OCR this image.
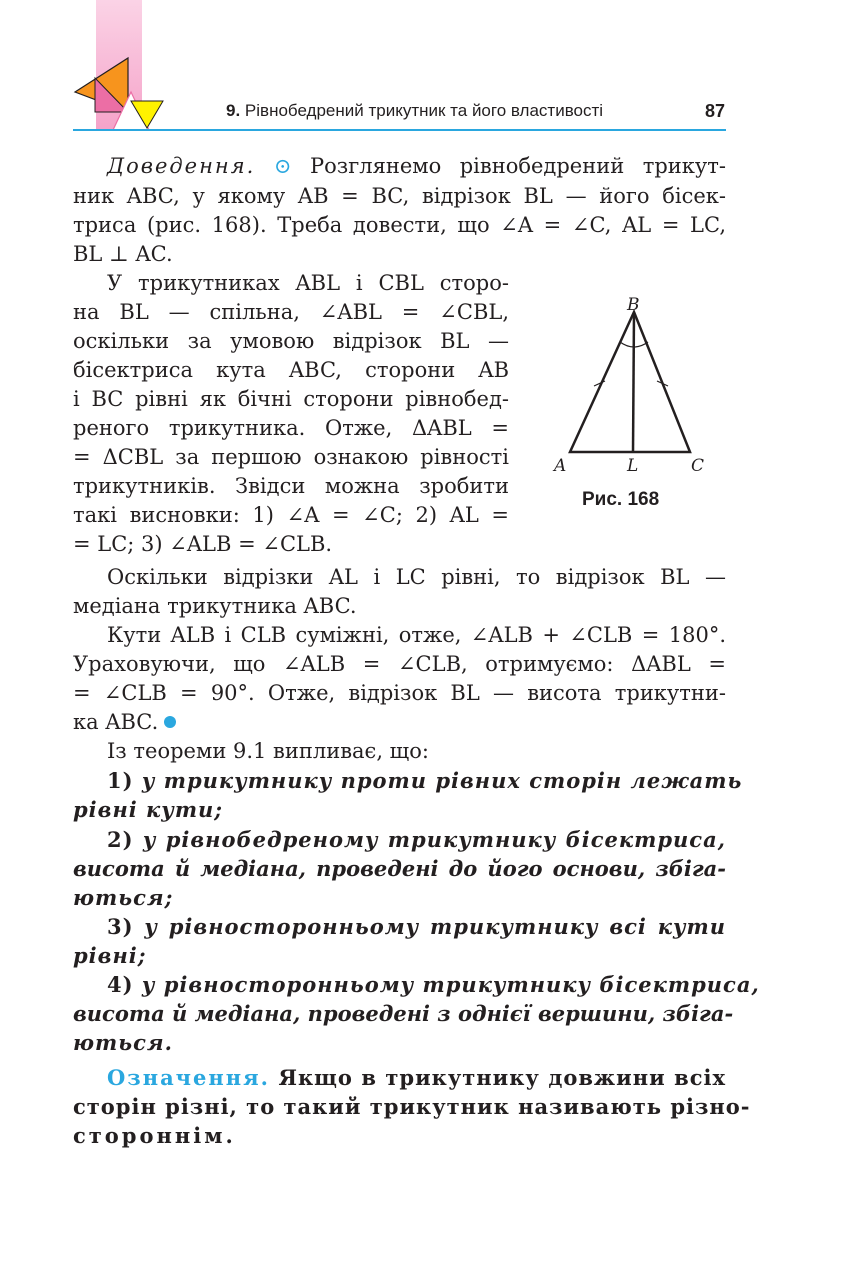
9. Рівнобедрений трикутник та його властивості	87
Доведення. ⊙ Розглянемо рівнобедрений трикут-
ник ABC, у якому AB = BC, відрізок BL — його бісек-
триса (рис. 168). Треба довести, що ∠A = ∠C, AL = LC,
BL ⊥ AC.
У трикутниках ABL і CBL сторо-
на BL — спільна, ∠ABL = ∠CBL,
оскільки за умовою відрізок BL —
бісектриса кута ABC, сторони AB
і BC рівні як бічні сторони рівнобед-
реного трикутника. Отже, ΔABL =
= ΔCBL за першою ознакою рівності
трикутників. Звідси можна зробити
такі висновки: 1) ∠A = ∠C; 2) AL =
= LC; 3) ∠ALB = ∠CLB.
B
A	L	C
Рис. 168
Оскільки відрізки AL і LC рівні, то відрізок BL —
медіана трикутника ABC.
Кути ALB і CLB суміжні, отже, ∠ALB + ∠CLB = 180°.
Ураховуючи, що ∠ALB = ∠CLB, отримуємо: ΔABL =
= ∠CLB = 90°. Отже, відрізок BL — висота трикутни-
ка ABC.
Із теореми 9.1 випливає, що:
1) у трикутнику проти рівних сторін лежать
рівні кути;
2) у рівнобедреному трикутнику бісектриса,
висота й медіана, проведені до його основи, збіга-
ються;
3) у рівносторонньому трикутнику всі кути
рівні;
4) у рівносторонньому трикутнику бісектриса,
висота й медіана, проведені з однієї вершини, збіга-
ються.
Означення. Якщо в трикутнику довжини всіх
сторін різні, то такий трикутник називають різно-
стороннім.
